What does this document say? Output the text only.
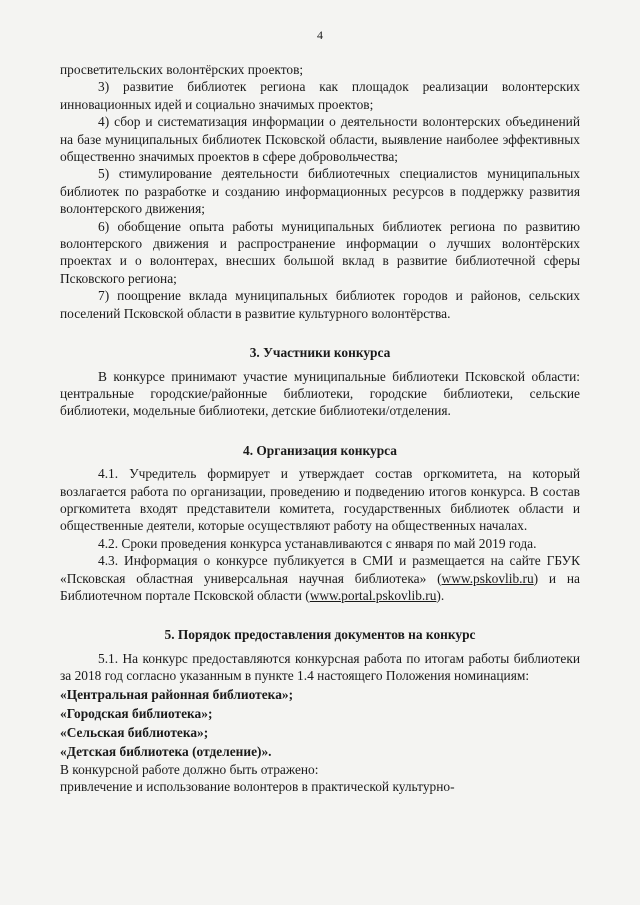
4

просветительских волонтёрских проектов;

3) развитие библиотек региона как площадок реализации волонтерских инновационных идей и социально значимых проектов;

4) сбор и систематизация информации о деятельности волонтерских объединений на базе муниципальных библиотек Псковской области, выявление наиболее эффективных общественно значимых проектов в сфере добровольчества;

5) стимулирование деятельности библиотечных специалистов муниципальных библиотек по разработке и созданию информационных ресурсов в поддержку развития волонтерского движения;

6) обобщение опыта работы муниципальных библиотек региона по развитию волонтерского движения и распространение информации о лучших волонтёрских проектах и о волонтерах, внесших большой вклад в развитие библиотечной сферы Псковского региона;

7) поощрение вклада муниципальных библиотек городов и районов, сельских поселений Псковской области в развитие культурного волонтёрства.

3. Участники конкурса

В конкурсе принимают участие муниципальные библиотеки Псковской области: центральные городские/районные библиотеки, городские библиотеки, сельские библиотеки, модельные библиотеки, детские библиотеки/отделения.

4. Организация конкурса

4.1. Учредитель формирует и утверждает состав оргкомитета, на который возлагается работа по организации, проведению и подведению итогов конкурса. В состав оргкомитета входят представители комитета, государственных библиотек области и общественные деятели, которые осуществляют работу на общественных началах.

4.2. Сроки проведения конкурса устанавливаются с января по май 2019 года.

4.3. Информация о конкурсе публикуется в СМИ и размещается на сайте ГБУК «Псковская областная универсальная научная библиотека» (www.pskovlib.ru) и на Библиотечном портале Псковской области (www.portal.pskovlib.ru).

5. Порядок предоставления документов на конкурс

5.1. На конкурс предоставляются конкурсная работа по итогам работы библиотеки за 2018 год согласно указанным в пункте 1.4 настоящего Положения номинациям:

«Центральная районная библиотека»;

«Городская библиотека»;

«Сельская библиотека»;

«Детская библиотека (отделение)».

В конкурсной работе должно быть отражено:

привлечение и использование волонтеров в практической культурно-
